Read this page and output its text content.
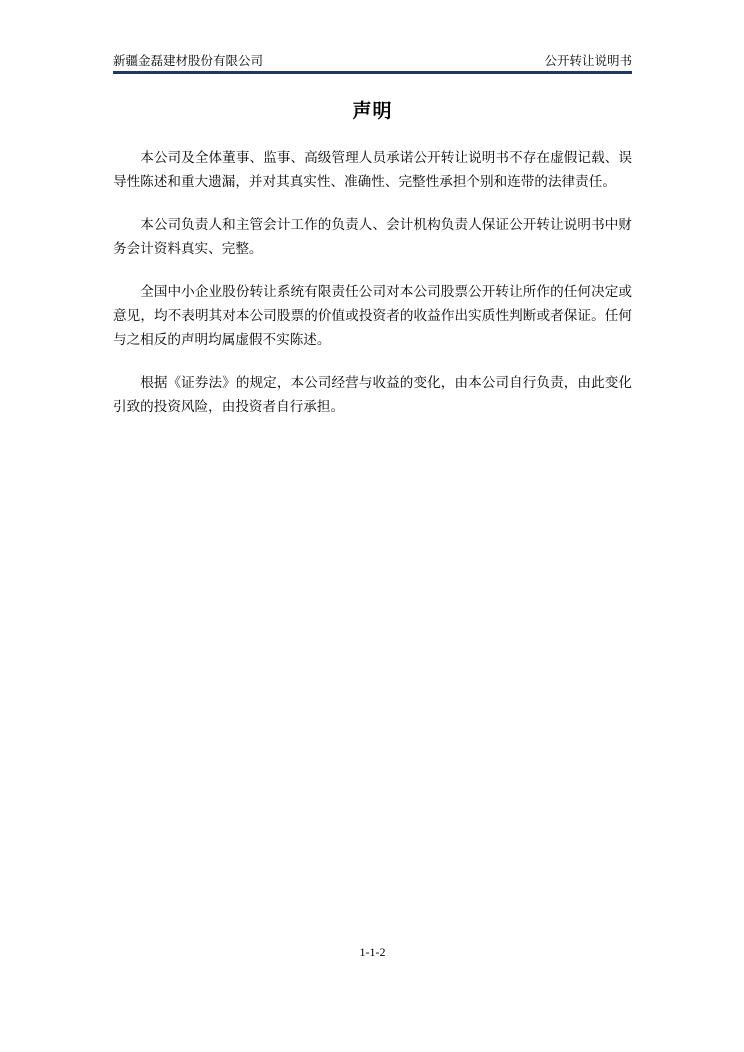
新疆金磊建材股份有限公司	公开转让说明书
声明

本公司及全体董事、监事、高级管理人员承诺公开转让说明书不存在虚假记载、误导性陈述和重大遗漏，并对其真实性、准确性、完整性承担个别和连带的法律责任。

本公司负责人和主管会计工作的负责人、会计机构负责人保证公开转让说明书中财务会计资料真实、完整。

全国中小企业股份转让系统有限责任公司对本公司股票公开转让所作的任何决定或意见，均不表明其对本公司股票的价值或投资者的收益作出实质性判断或者保证。任何与之相反的声明均属虚假不实陈述。

根据《证券法》的规定，本公司经营与收益的变化，由本公司自行负责，由此变化引致的投资风险，由投资者自行承担。

1-1-2
